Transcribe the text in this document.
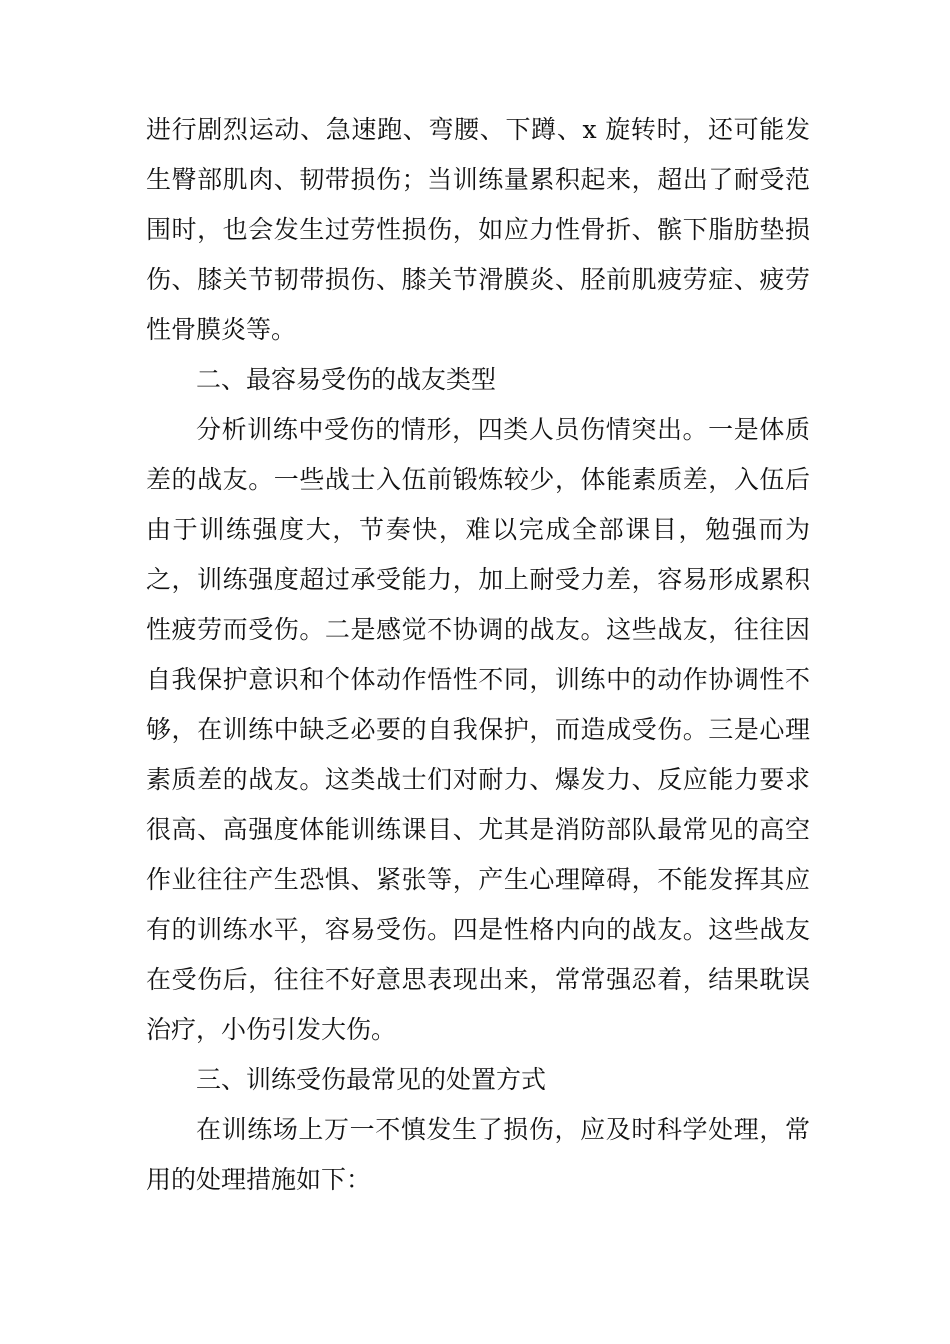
进行剧烈运动、急速跑、弯腰、下蹲、x 旋转时，还可能发生臀部肌肉、韧带损伤；当训练量累积起来，超出了耐受范围时，也会发生过劳性损伤，如应力性骨折、髌下脂肪垫损伤、膝关节韧带损伤、膝关节滑膜炎、胫前肌疲劳症、疲劳性骨膜炎等。

二、最容易受伤的战友类型

分析训练中受伤的情形，四类人员伤情突出。一是体质差的战友。一些战士入伍前锻炼较少，体能素质差，入伍后由于训练强度大，节奏快，难以完成全部课目，勉强而为之，训练强度超过承受能力，加上耐受力差，容易形成累积性疲劳而受伤。二是感觉不协调的战友。这些战友，往往因自我保护意识和个体动作悟性不同，训练中的动作协调性不够，在训练中缺乏必要的自我保护，而造成受伤。三是心理素质差的战友。这类战士们对耐力、爆发力、反应能力要求很高、高强度体能训练课目、尤其是消防部队最常见的高空作业往往产生恐惧、紧张等，产生心理障碍，不能发挥其应有的训练水平，容易受伤。四是性格内向的战友。这些战友在受伤后，往往不好意思表现出来，常常强忍着，结果耽误治疗，小伤引发大伤。

三、训练受伤最常见的处置方式

在训练场上万一不慎发生了损伤，应及时科学处理，常用的处理措施如下：
